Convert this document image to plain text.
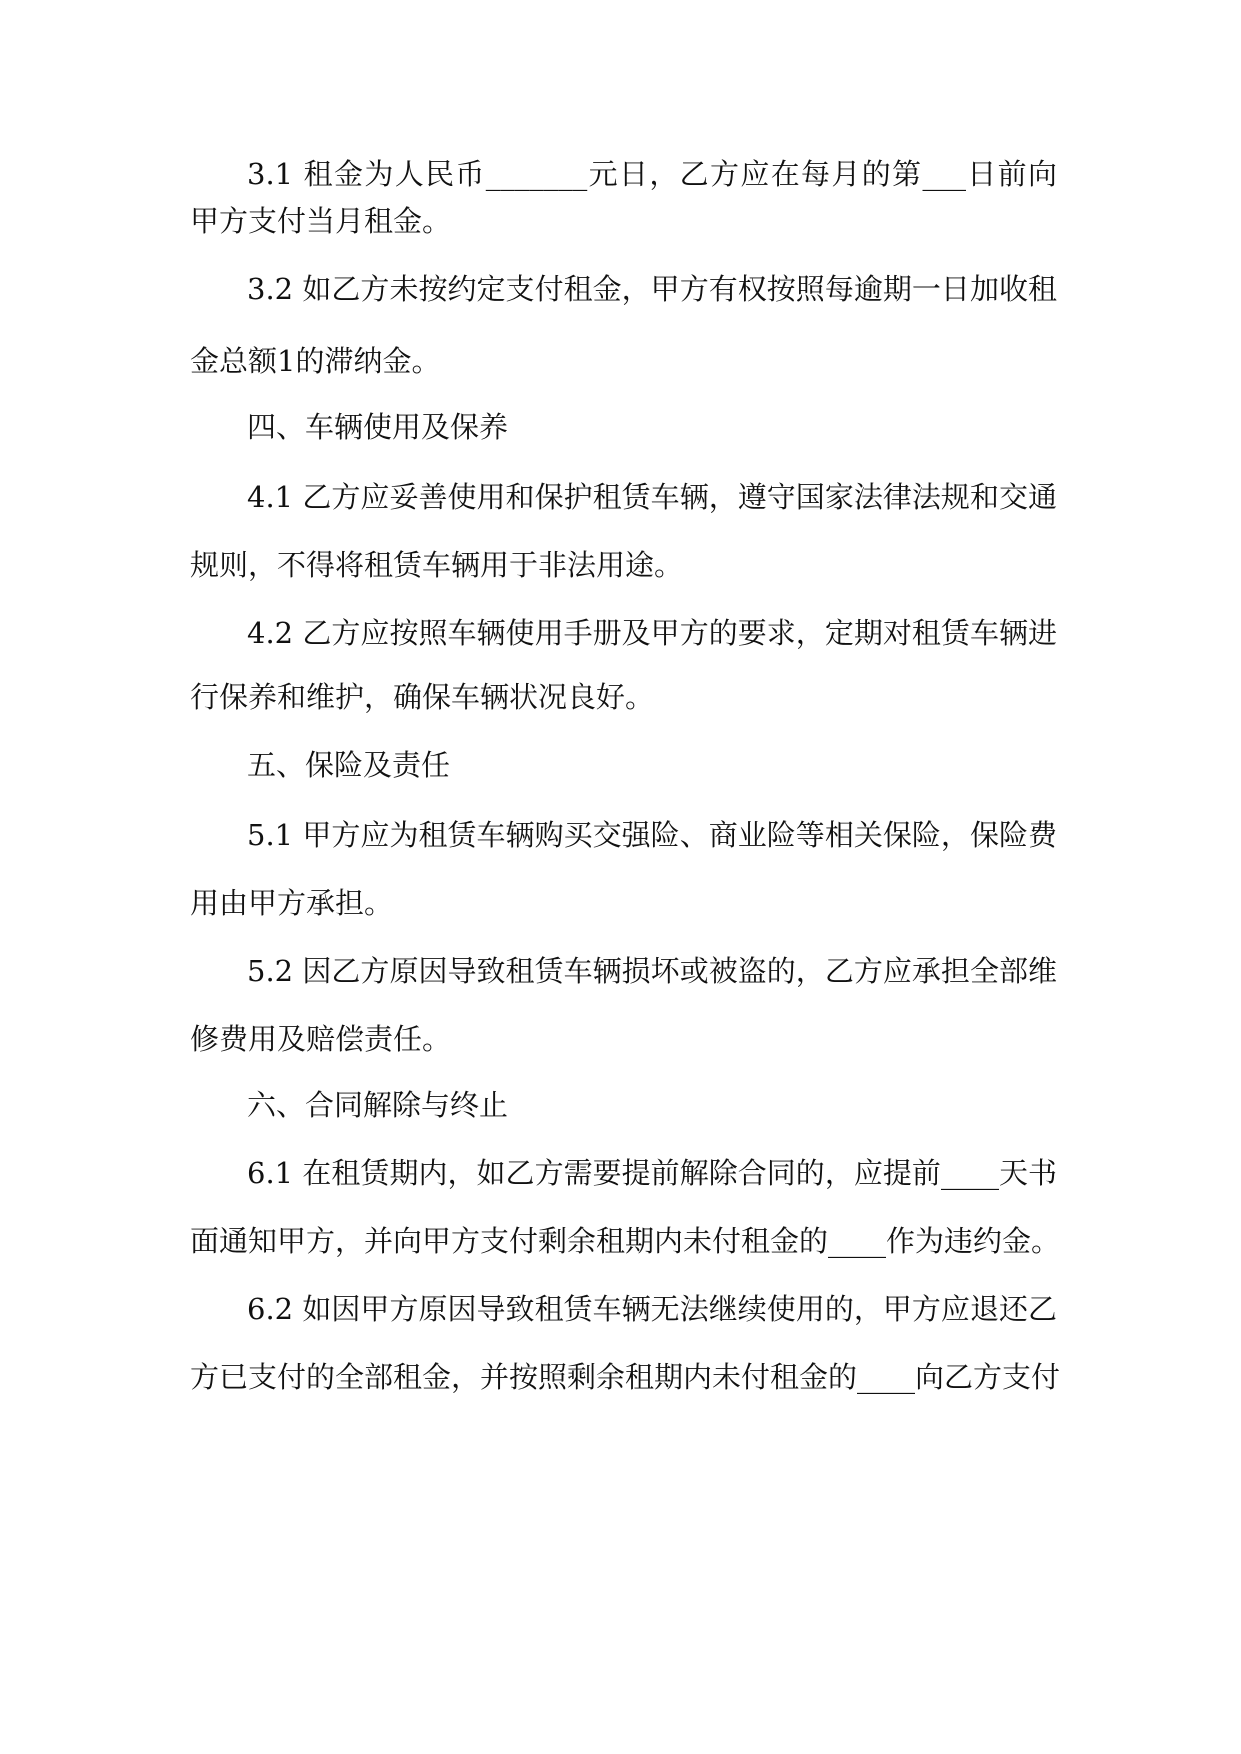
3.1 租金为人民币_______元日，乙方应在每月的第___日前向
甲方支付当月租金。
3.2 如乙方未按约定支付租金，甲方有权按照每逾期一日加收租
金总额1的滞纳金。
四、车辆使用及保养
4.1 乙方应妥善使用和保护租赁车辆，遵守国家法律法规和交通
规则，不得将租赁车辆用于非法用途。
4.2 乙方应按照车辆使用手册及甲方的要求，定期对租赁车辆进
行保养和维护，确保车辆状况良好。
五、保险及责任
5.1 甲方应为租赁车辆购买交强险、商业险等相关保险，保险费
用由甲方承担。
5.2 因乙方原因导致租赁车辆损坏或被盗的，乙方应承担全部维
修费用及赔偿责任。
六、合同解除与终止
6.1 在租赁期内，如乙方需要提前解除合同的，应提前____天书
面通知甲方，并向甲方支付剩余租期内未付租金的____作为违约金。
6.2 如因甲方原因导致租赁车辆无法继续使用的，甲方应退还乙
方已支付的全部租金，并按照剩余租期内未付租金的____向乙方支付
